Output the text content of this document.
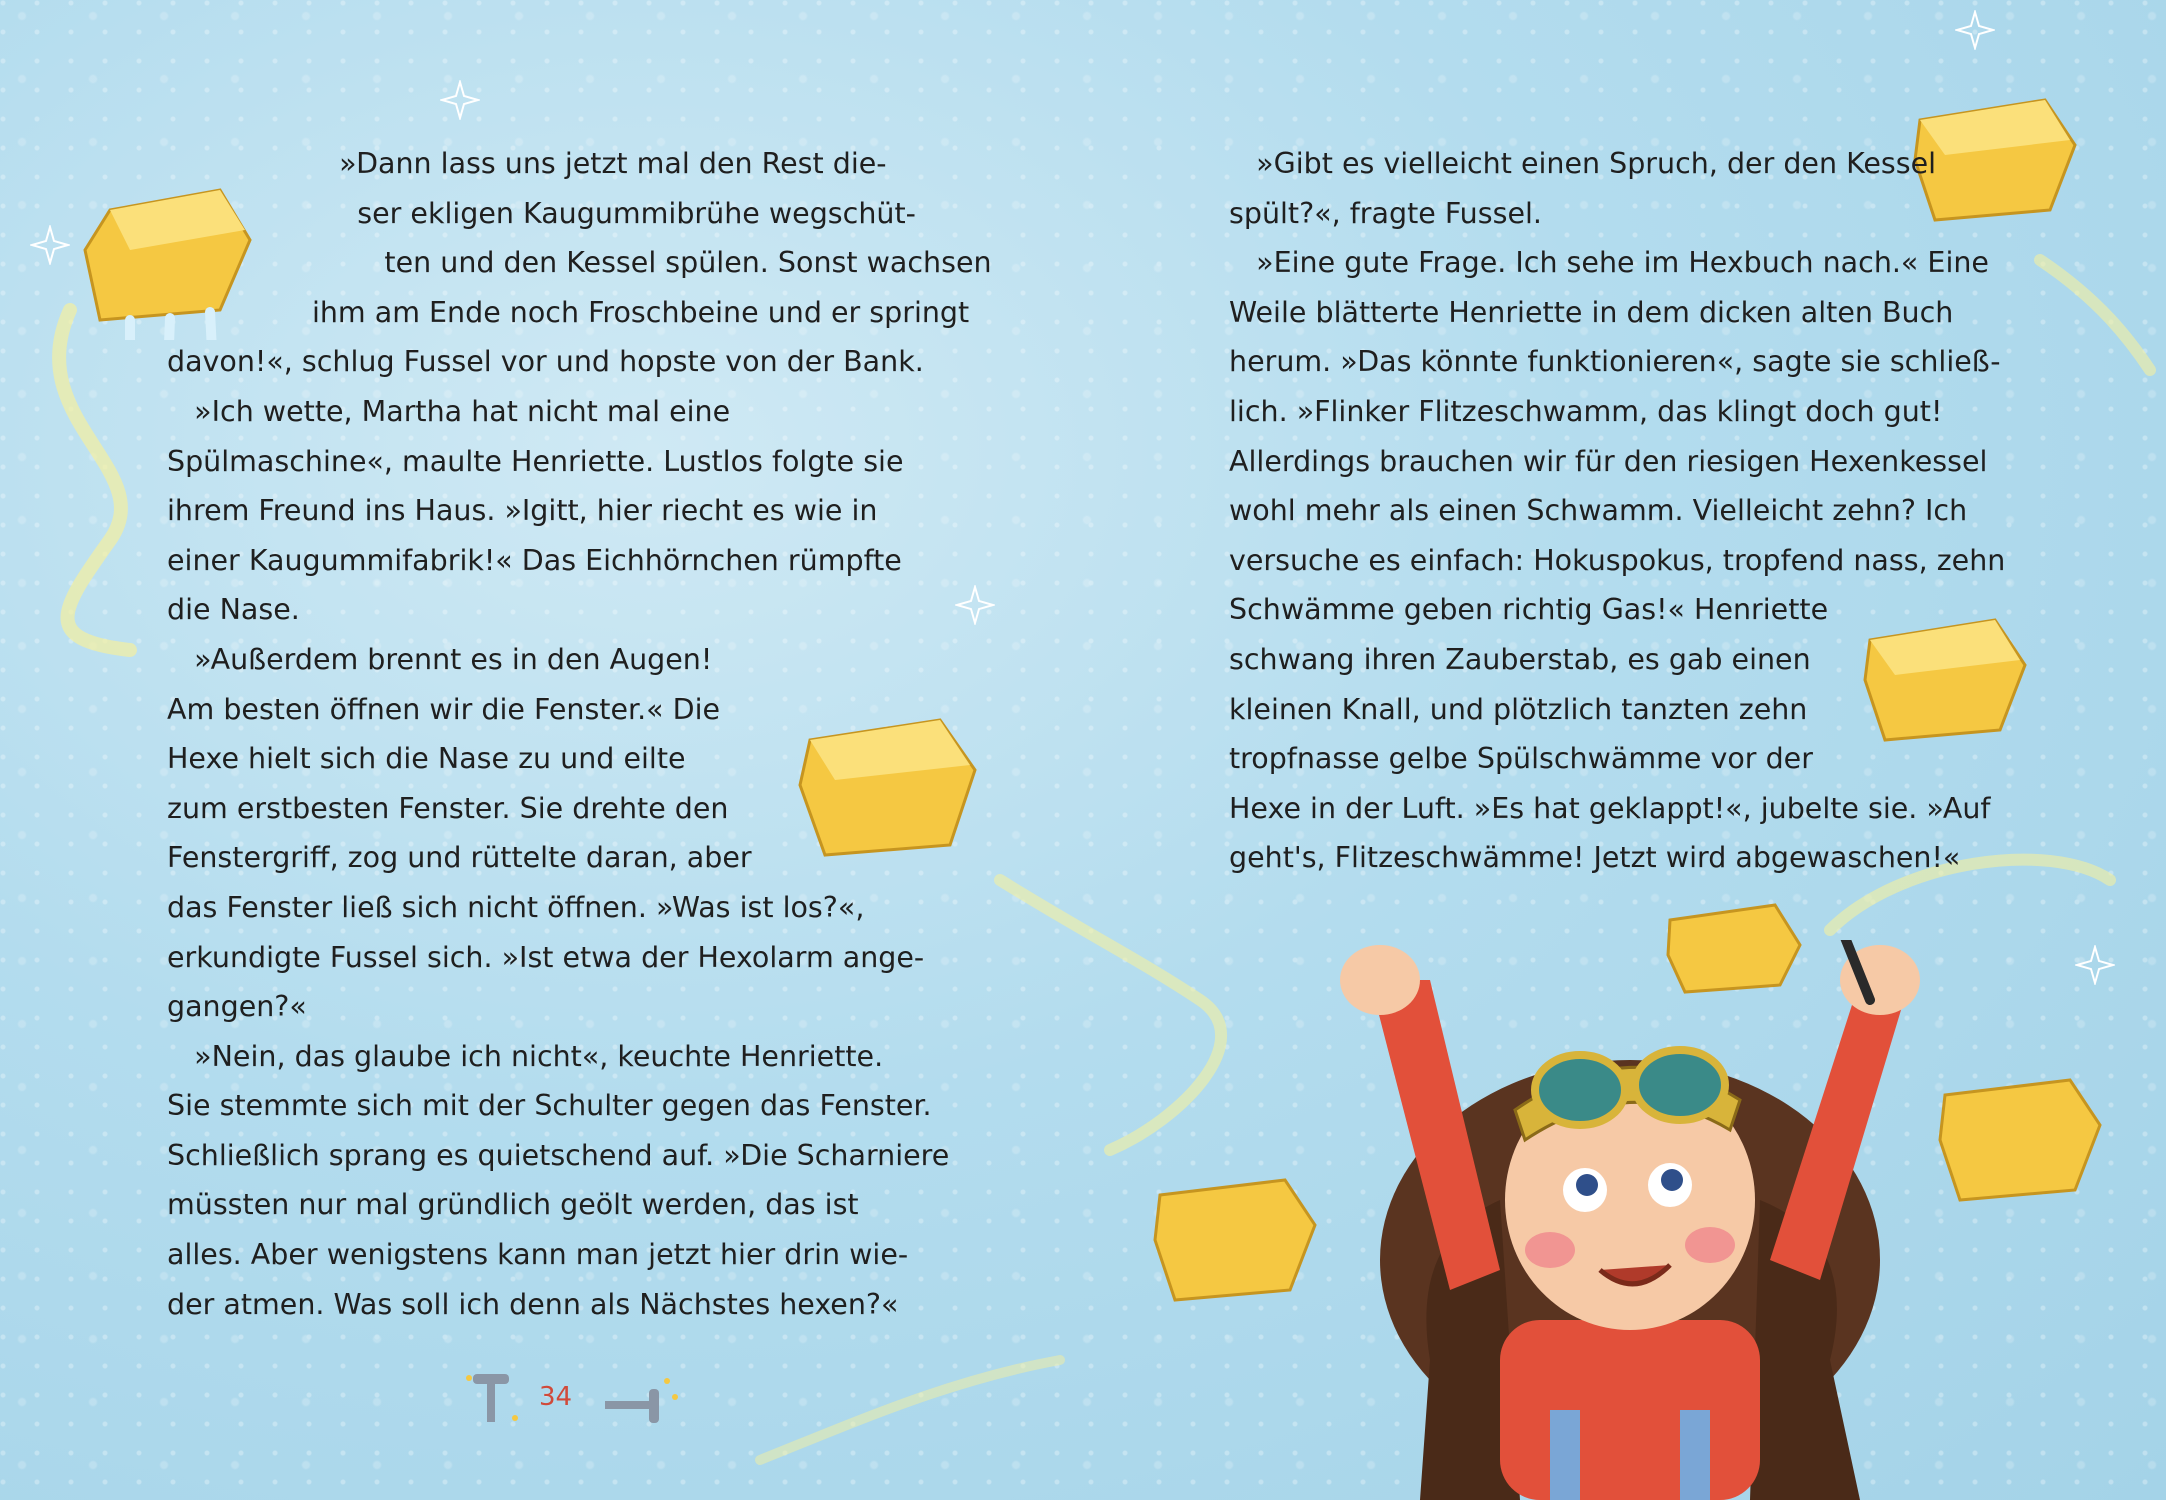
»Dann lass uns jetzt mal den Rest die-

ser ekligen Kaugummibrühe wegschüt-

ten und den Kessel spülen. Sonst wachsen

ihm am Ende noch Froschbeine und er springt

davon!«, schlug Fussel vor und hopste von der Bank.

»Ich wette, Martha hat nicht mal eine

Spülmaschine«, maulte Henriette. Lustlos folgte sie

ihrem Freund ins Haus. »Igitt, hier riecht es wie in

einer Kaugummifabrik!« Das Eichhörnchen rümpfte

die Nase.

»Außerdem brennt es in den Augen!

Am besten öffnen wir die Fenster.« Die

Hexe hielt sich die Nase zu und eilte

zum erstbesten Fenster. Sie drehte den

Fenstergriff, zog und rüttelte daran, aber

das Fenster ließ sich nicht öffnen. »Was ist los?«,

erkundigte Fussel sich. »Ist etwa der Hexolarm ange-

gangen?«

»Nein, das glaube ich nicht«, keuchte Henriette.

Sie stemmte sich mit der Schulter gegen das Fenster.

Schließlich sprang es quietschend auf. »Die Scharniere

müssten nur mal gründlich geölt werden, das ist

alles. Aber wenigstens kann man jetzt hier drin wie-

der atmen. Was soll ich denn als Nächstes hexen?«

»Gibt es vielleicht einen Spruch, der den Kessel

spült?«, fragte Fussel.

»Eine gute Frage. Ich sehe im Hexbuch nach.« Eine

Weile blätterte Henriette in dem dicken alten Buch

herum. »Das könnte funktionieren«, sagte sie schließ-

lich. »Flinker Flitzeschwamm, das klingt doch gut!

Allerdings brauchen wir für den riesigen Hexenkessel

wohl mehr als einen Schwamm. Vielleicht zehn? Ich

versuche es einfach: Hokuspokus, tropfend nass, zehn

Schwämme geben richtig Gas!« Henriette

schwang ihren Zauberstab, es gab einen

kleinen Knall, und plötzlich tanzten zehn

tropfnasse gelbe Spülschwämme vor der

Hexe in der Luft. »Es hat geklappt!«, jubelte sie. »Auf

geht's, Flitzeschwämme! Jetzt wird abgewaschen!«

34
